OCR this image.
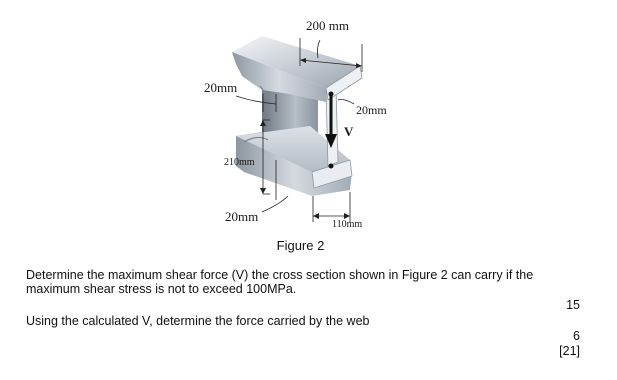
200 mm
20mm
20mm
V
210mm
20mm
110mm
Figure 2
Determine the maximum shear force (V) the cross section shown in Figure 2 can carry if the maximum shear stress is not to exceed 100MPa.
15
Using the calculated V, determine the force carried by the web
6
[21]
